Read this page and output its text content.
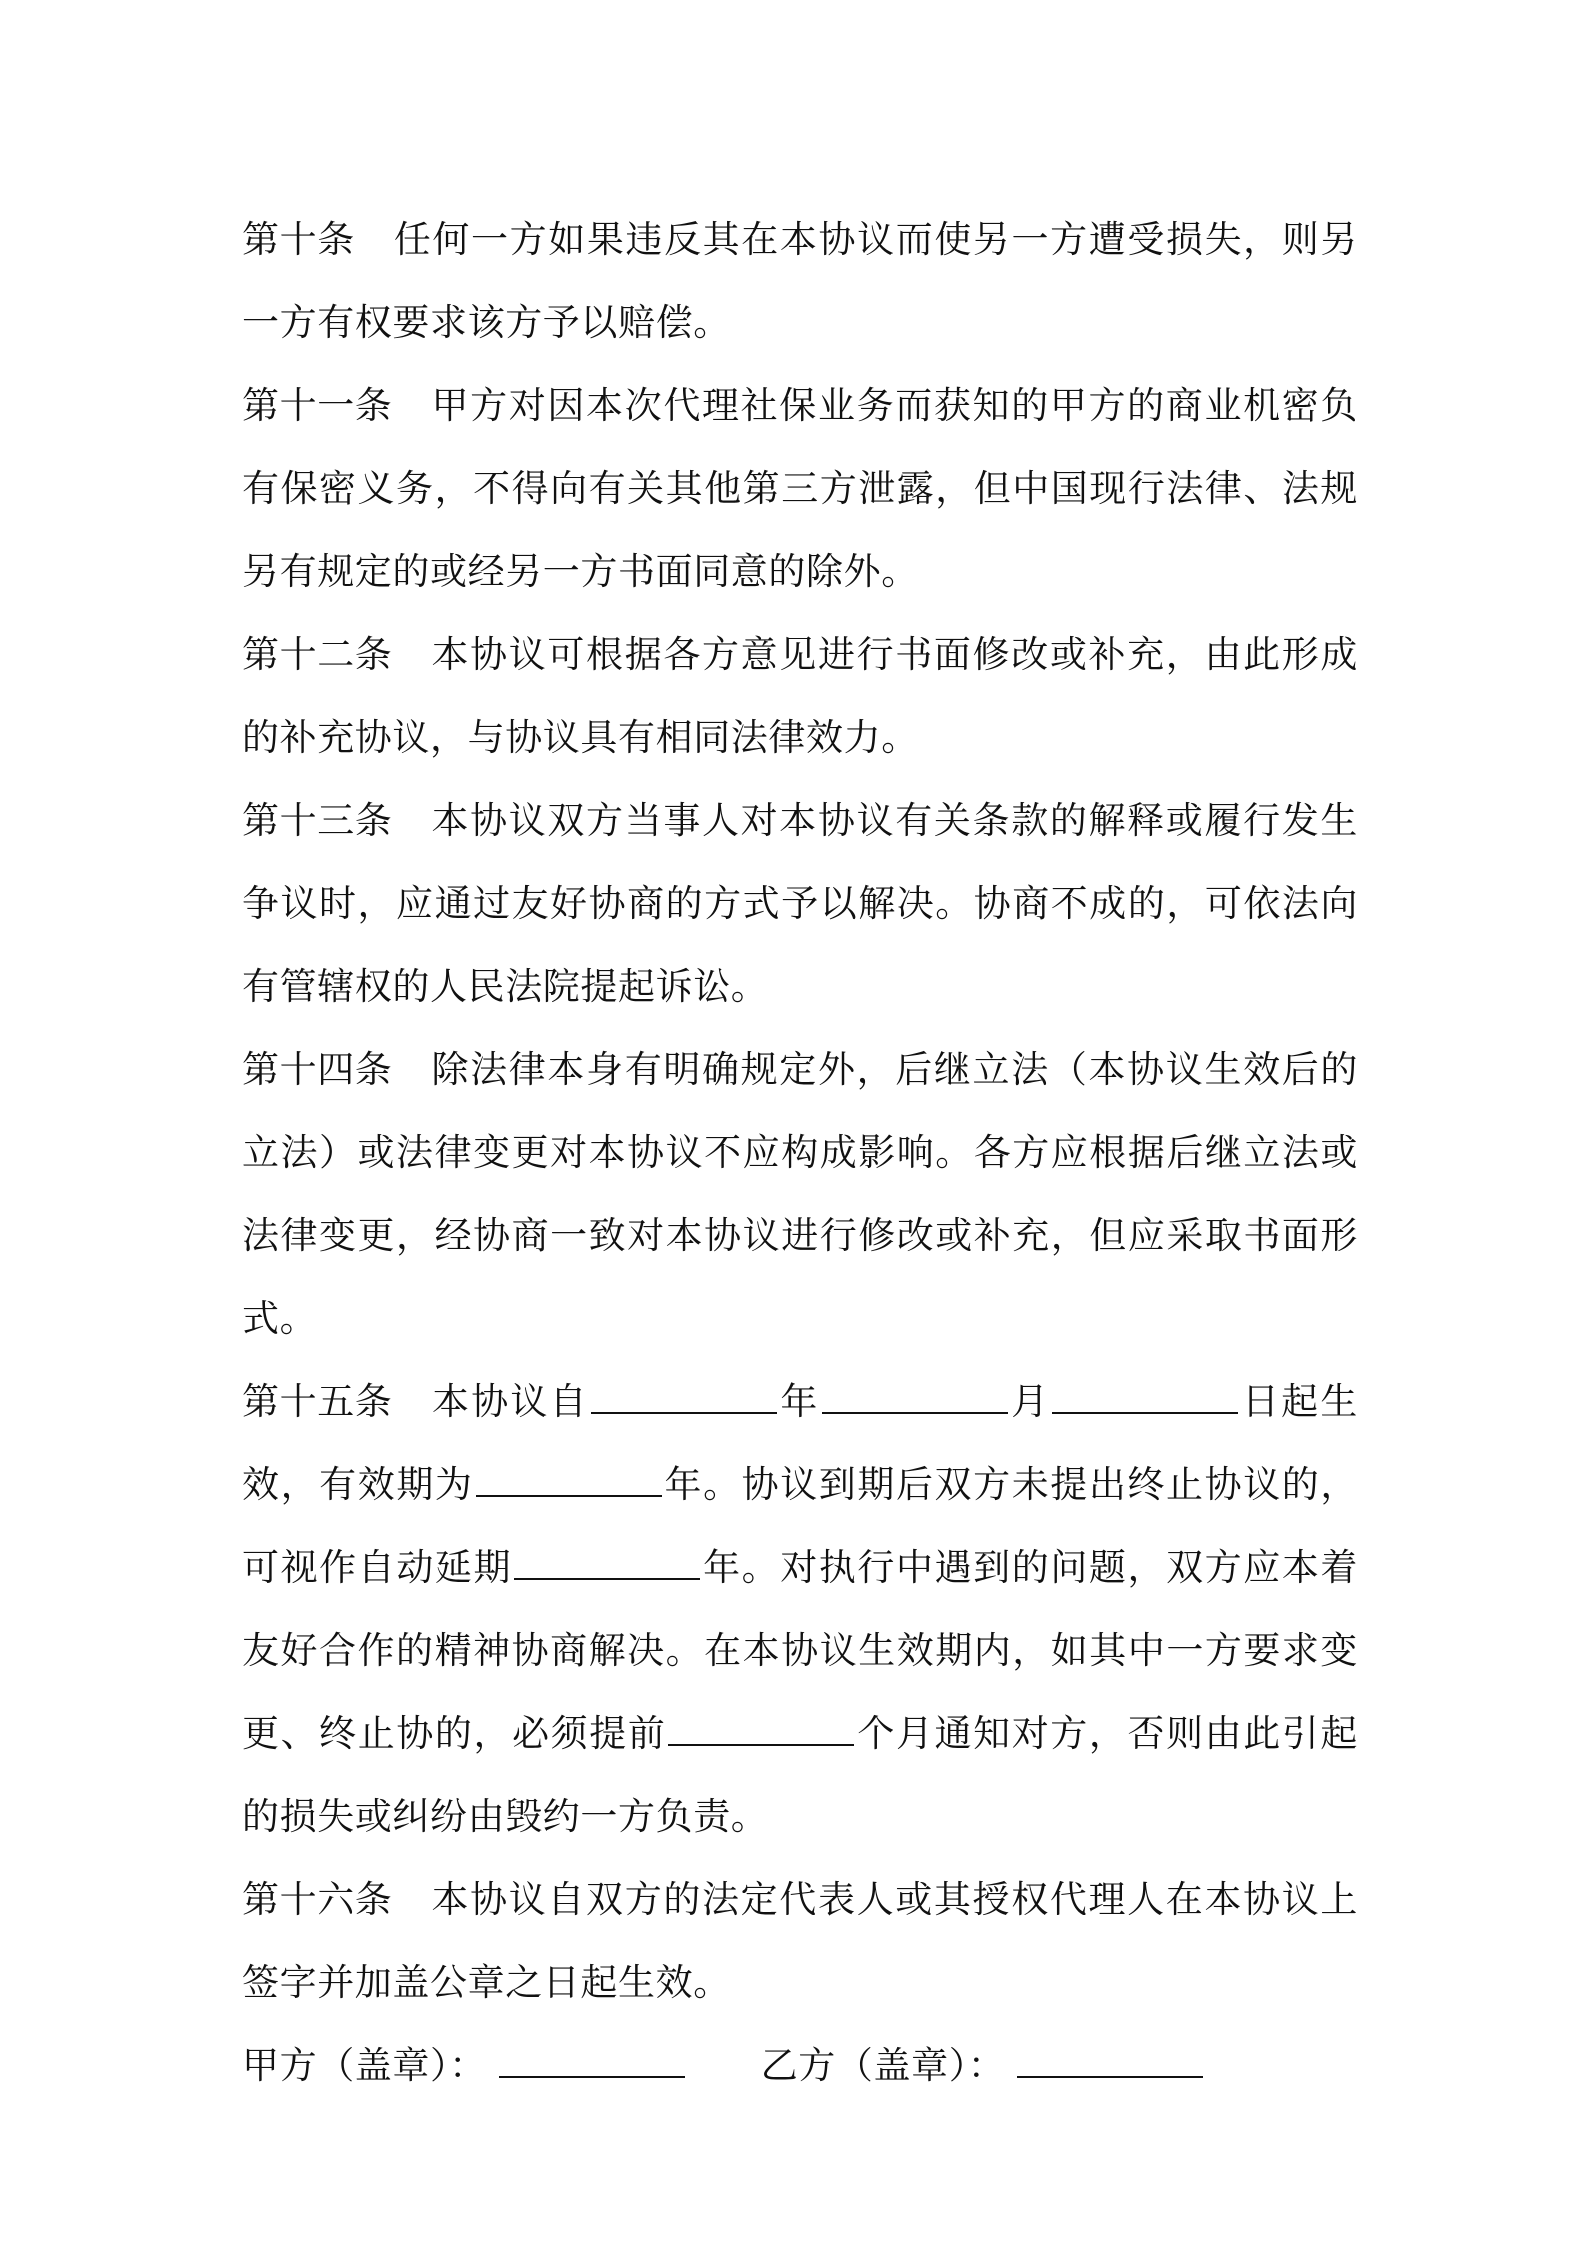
第十条 任何一方如果违反其在本协议而使另一方遭受损失，则另一方有权要求该方予以赔偿。

第十一条 甲方对因本次代理社保业务而获知的甲方的商业机密负有保密义务，不得向有关其他第三方泄露，但中国现行法律、法规另有规定的或经另一方书面同意的除外。

第十二条 本协议可根据各方意见进行书面修改或补充，由此形成的补充协议，与协议具有相同法律效力。

第十三条 本协议双方当事人对本协议有关条款的解释或履行发生争议时，应通过友好协商的方式予以解决。协商不成的，可依法向有管辖权的人民法院提起诉讼。

第十四条 除法律本身有明确规定外，后继立法（本协议生效后的立法）或法律变更对本协议不应构成影响。各方应根据后继立法或法律变更，经协商一致对本协议进行修改或补充，但应采取书面形式。

第十五条 本协议自	年	月	日起生效，有效期为	年。协议到期后双方未提出终止协议的，可视作自动延期	年。对执行中遇到的问题，双方应本着友好合作的精神协商解决。在本协议生效期内，如其中一方要求变更、终止协的，必须提前	个月通知对方，否则由此引起的损失或纠纷由毁约一方负责。

第十六条 本协议自双方的法定代表人或其授权代理人在本协议上签字并加盖公章之日起生效。

甲方（盖章）：	乙方（盖章）：
